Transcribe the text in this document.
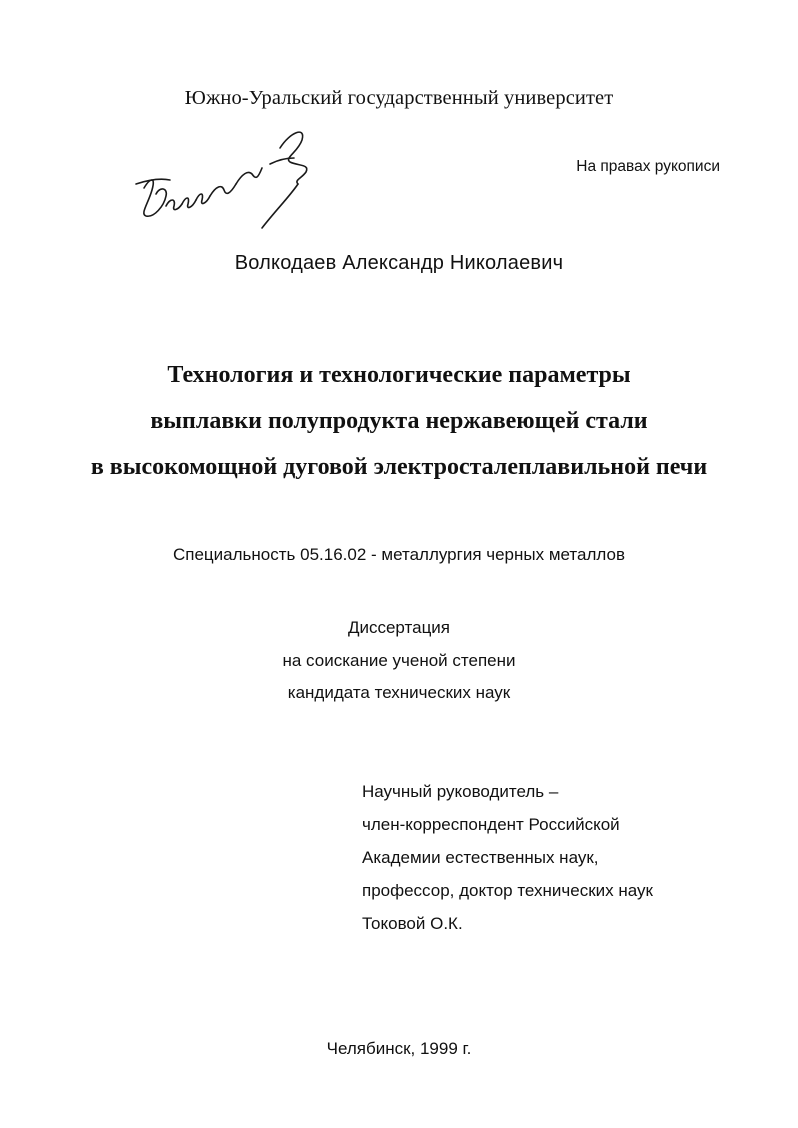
Южно-Уральский государственный университет
На правах рукописи
Волкодаев Александр Николаевич
Технология и технологические параметры
выплавки полупродукта нержавеющей стали
в высокомощной дуговой электросталеплавильной печи
Специальность 05.16.02 - металлургия черных металлов
Диссертация
на соискание ученой степени
кандидата технических наук
Научный руководитель –
член-корреспондент Российской
Академии естественных наук,
профессор, доктор технических наук
Токовой О.К.
Челябинск, 1999 г.
